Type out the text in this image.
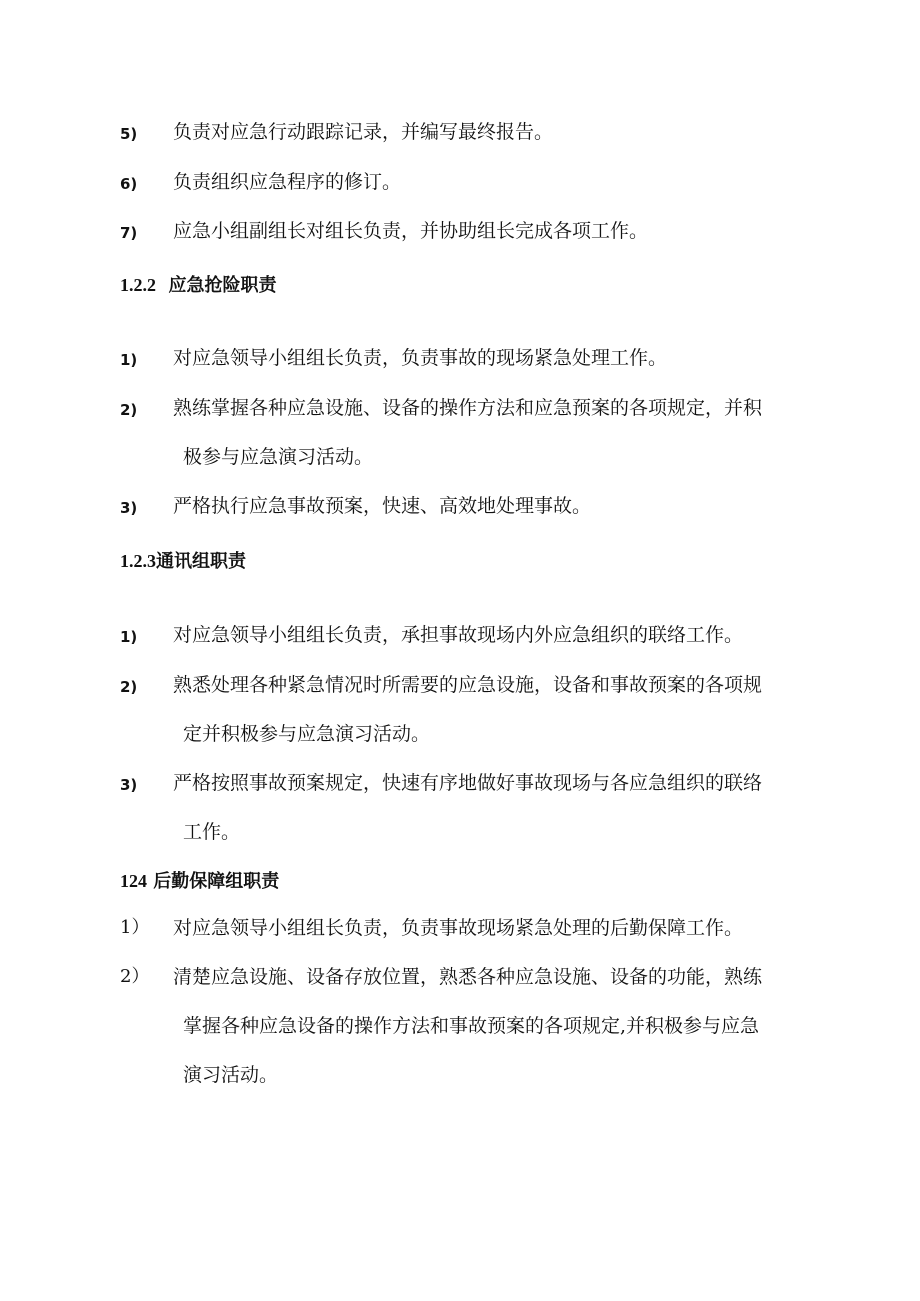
5) 负责对应急行动跟踪记录，并编写最终报告。
6) 负责组织应急程序的修订。
7) 应急小组副组长对组长负责，并协助组长完成各项工作。
1.2.2 应急抢险职责
1) 对应急领导小组组长负责，负责事故的现场紧急处理工作。
2) 熟练掌握各种应急设施、设备的操作方法和应急预案的各项规定，并积
极参与应急演习活动。
3) 严格执行应急事故预案，快速、高效地处理事故。
1.2.3通讯组职责
1) 对应急领导小组组长负责，承担事故现场内外应急组织的联络工作。
2) 熟悉处理各种紧急情况时所需要的应急设施，设备和事故预案的各项规
定并积极参与应急演习活动。
3) 严格按照事故预案规定，快速有序地做好事故现场与各应急组织的联络
工作。
124 后勤保障组职责
1） 对应急领导小组组长负责，负责事故现场紧急处理的后勤保障工作。
2） 清楚应急设施、设备存放位置，熟悉各种应急设施、设备的功能，熟练
掌握各种应急设备的操作方法和事故预案的各项规定,并积极参与应急
演习活动。
